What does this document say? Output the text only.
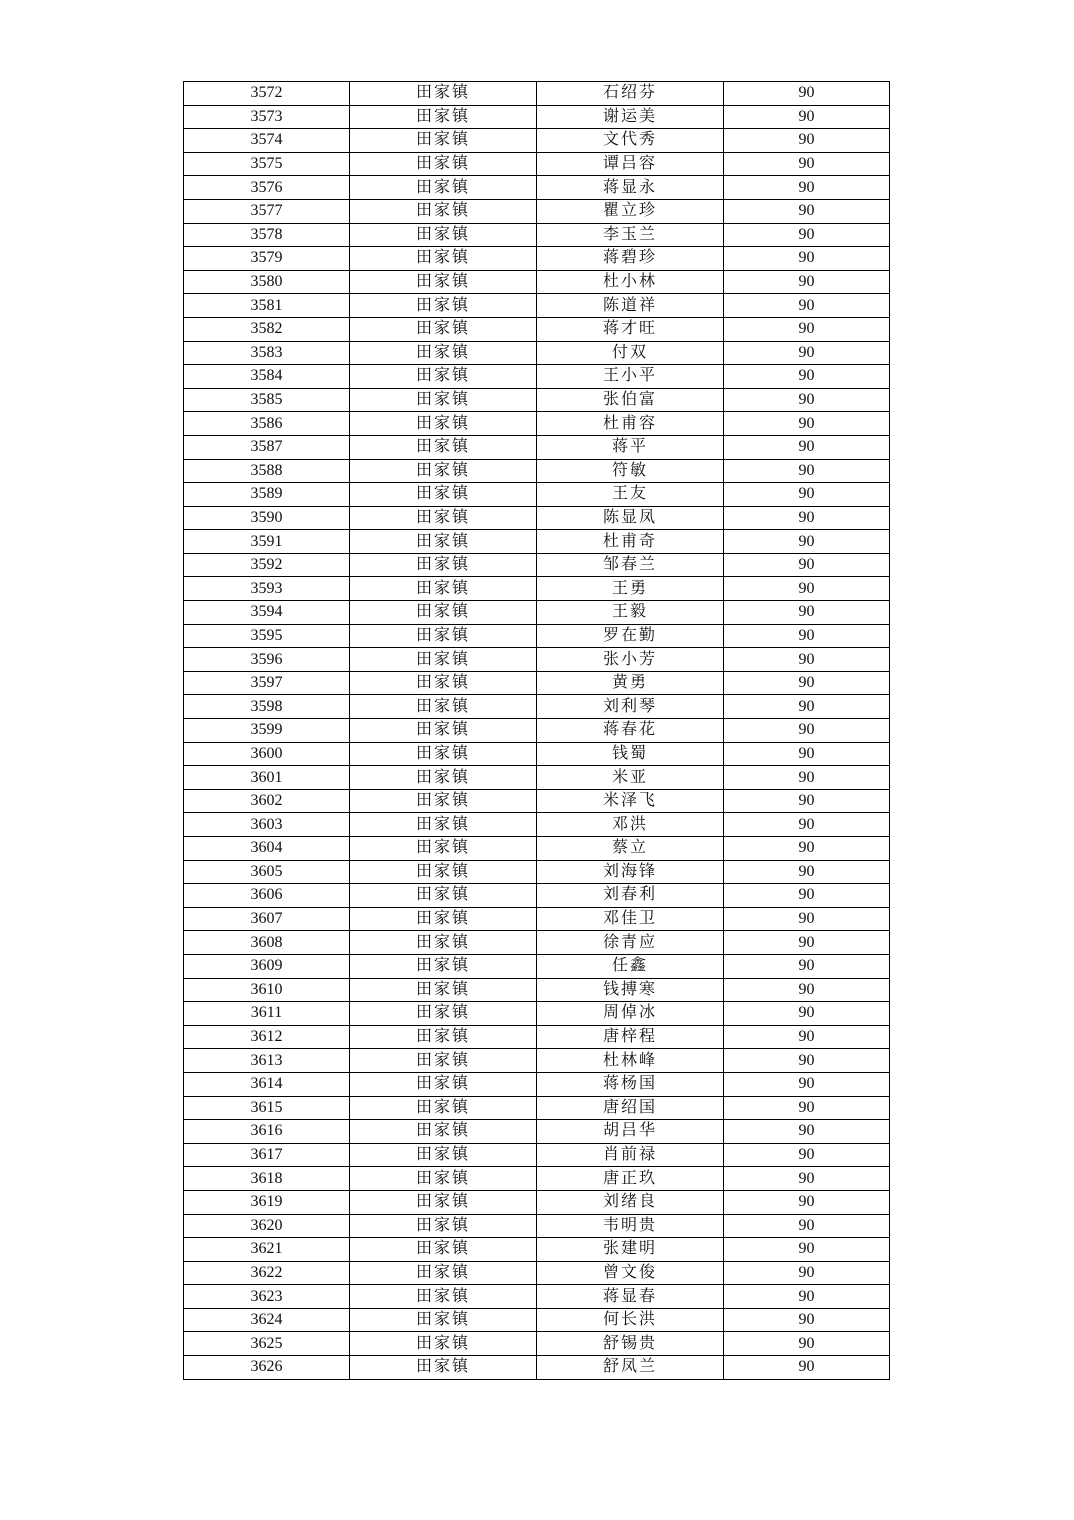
3572	田家镇	石绍芬	90
3573	田家镇	谢运美	90
3574	田家镇	文代秀	90
3575	田家镇	谭吕容	90
3576	田家镇	蒋显永	90
3577	田家镇	瞿立珍	90
3578	田家镇	李玉兰	90
3579	田家镇	蒋碧珍	90
3580	田家镇	杜小林	90
3581	田家镇	陈道祥	90
3582	田家镇	蒋才旺	90
3583	田家镇	付双	90
3584	田家镇	王小平	90
3585	田家镇	张伯富	90
3586	田家镇	杜甫容	90
3587	田家镇	蒋平	90
3588	田家镇	符敏	90
3589	田家镇	王友	90
3590	田家镇	陈显凤	90
3591	田家镇	杜甫奇	90
3592	田家镇	邹春兰	90
3593	田家镇	王勇	90
3594	田家镇	王毅	90
3595	田家镇	罗在勤	90
3596	田家镇	张小芳	90
3597	田家镇	黄勇	90
3598	田家镇	刘利琴	90
3599	田家镇	蒋春花	90
3600	田家镇	钱蜀	90
3601	田家镇	米亚	90
3602	田家镇	米泽飞	90
3603	田家镇	邓洪	90
3604	田家镇	蔡立	90
3605	田家镇	刘海锋	90
3606	田家镇	刘春利	90
3607	田家镇	邓佳卫	90
3608	田家镇	徐青应	90
3609	田家镇	任鑫	90
3610	田家镇	钱搏寒	90
3611	田家镇	周倬冰	90
3612	田家镇	唐梓程	90
3613	田家镇	杜林峰	90
3614	田家镇	蒋杨国	90
3615	田家镇	唐绍国	90
3616	田家镇	胡吕华	90
3617	田家镇	肖前禄	90
3618	田家镇	唐正玖	90
3619	田家镇	刘绪良	90
3620	田家镇	韦明贵	90
3621	田家镇	张建明	90
3622	田家镇	曾文俊	90
3623	田家镇	蒋显春	90
3624	田家镇	何长洪	90
3625	田家镇	舒锡贵	90
3626	田家镇	舒凤兰	90
